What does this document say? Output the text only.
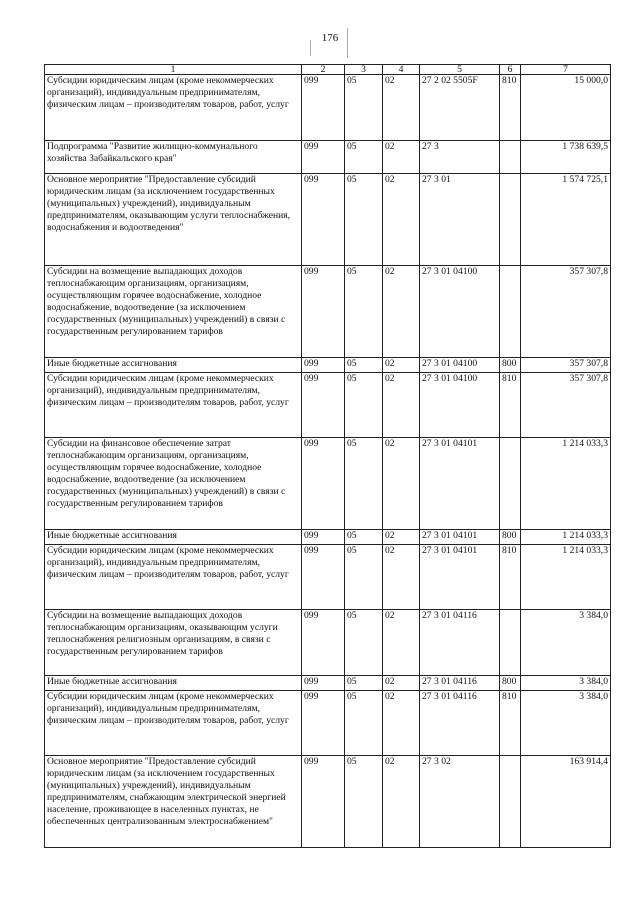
176
1	2	3	4	5	6	7
Субсидии юридическим лицам (кроме некоммерческих организаций), индивидуальным предпринимателям, физическим лицам – производителям товаров, работ, услуг	099	05	02	27 2 02 5505F	810	15 000,0
Подпрограмма "Развитие жилищно-коммунального хозяйства Забайкальского края"	099	05	02	27 3		1 738 639,5
Основное мероприятие "Предоставление субсидий юридическим лицам (за исключением государственных (муниципальных) учреждений), индивидуальным предпринимателям, оказывающим услуги теплоснабжения, водоснабжения и водоотведения"	099	05	02	27 3 01		1 574 725,1
Субсидии на возмещение выпадающих доходов теплоснабжающим организациям, организациям, осуществляющим горячее водоснабжение, холодное водоснабжение, водоотведение (за исключением государственных (муниципальных) учреждений) в связи с государственным регулированием тарифов	099	05	02	27 3 01 04100		357 307,8
Иные бюджетные ассигнования	099	05	02	27 3 01 04100	800	357 307,8
Субсидии юридическим лицам (кроме некоммерческих организаций), индивидуальным предпринимателям, физическим лицам – производителям товаров, работ, услуг	099	05	02	27 3 01 04100	810	357 307,8
Субсидии на финансовое обеспечение затрат теплоснабжающим организациям, организациям, осуществляющим горячее водоснабжение, холодное водоснабжение, водоотведение (за исключением государственных (муниципальных) учреждений) в связи с государственным регулированием тарифов	099	05	02	27 3 01 04101		1 214 033,3
Иные бюджетные ассигнования	099	05	02	27 3 01 04101	800	1 214 033,3
Субсидии юридическим лицам (кроме некоммерческих организаций), индивидуальным предпринимателям, физическим лицам – производителям товаров, работ, услуг	099	05	02	27 3 01 04101	810	1 214 033,3
Субсидии на возмещение выпадающих доходов теплоснабжающим организациям, оказывающим услуги теплоснабжения религиозным организациям, в связи с государственным регулированием тарифов	099	05	02	27 3 01 04116		3 384,0
Иные бюджетные ассигнования	099	05	02	27 3 01 04116	800	3 384,0
Субсидии юридическим лицам (кроме некоммерческих организаций), индивидуальным предпринимателям, физическим лицам – производителям товаров, работ, услуг	099	05	02	27 3 01 04116	810	3 384,0
Основное мероприятие "Предоставление субсидий юридическим лицам (за исключением государственных (муниципальных) учреждений), индивидуальным предпринимателям, снабжающим электрической энергией население, проживающее в населенных пунктах, не обеспеченных централизованным электроснабжением"	099	05	02	27 3 02		163 914,4
